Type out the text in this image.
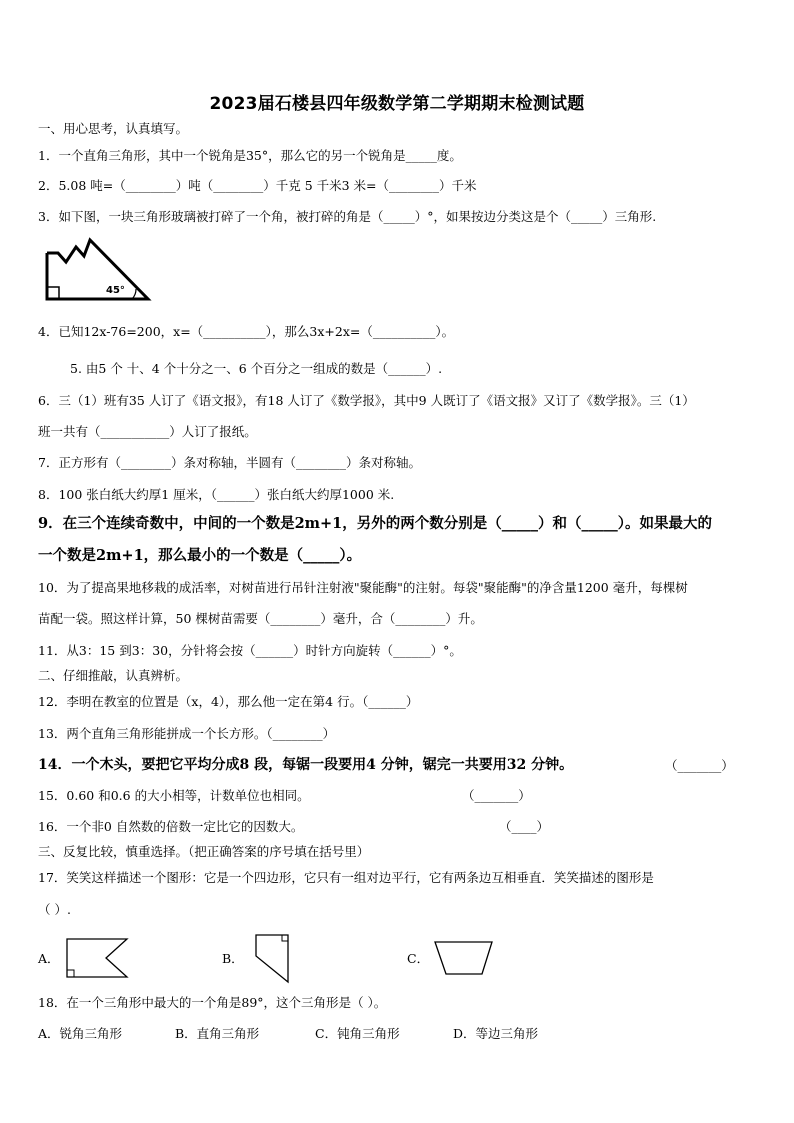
2023届石楼县四年级数学第二学期期末检测试题
一、用心思考，认真填写。
1．一个直角三角形，其中一个锐角是35°，那么它的另一个锐角是_____度。
2．5.08 吨=（________）吨（________）千克 5 千米3 米=（________）千米
3．如下图，一块三角形玻璃被打碎了一个角，被打碎的角是（_____）°，如果按边分类这是个（_____）三角形.
45°
4．已知12x-76=200，x=（__________），那么3x+2x=（__________）。
5. 由5 个 十、4 个十分之一、6 个百分之一组成的数是（______）.
6．三（1）班有35 人订了《语文报》，有18 人订了《数学报》，其中9 人既订了《语文报》又订了《数学报》。三（1）
班一共有（___________）人订了报纸。
7．正方形有（________）条对称轴，半圆有（________）条对称轴。
8．100 张白纸大约厚1 厘米，（______）张白纸大约厚1000 米.
9．在三个连续奇数中，中间的一个数是2m+1，另外的两个数分别是（_____）和（_____）。如果最大的
一个数是2m+1，那么最小的一个数是（_____）。
10．为了提高果地移栽的成活率，对树苗进行吊针注射液"聚能酶"的注射。每袋"聚能酶"的净含量1200 毫升，每棵树
苗配一袋。照这样计算，50 棵树苗需要（________）毫升，合（________）升。
11．从3：15 到3：30，分针将会按（______）时针方向旋转（______）°。
二、仔细推敲，认真辨析。
12．李明在教室的位置是（x，4），那么他一定在第4 行。（______）
13．两个直角三角形能拼成一个长方形。（________）
14．一个木头，要把它平均分成8 段，每锯一段要用4 分钟，锯完一共要用32 分钟。	（_______）
15．0.60 和0.6 的大小相等，计数单位也相同。	（_______）
16．一个非0 自然数的倍数一定比它的因数大。	（____）
三、反复比较，慎重选择。（把正确答案的序号填在括号里）
17．笑笑这样描述一个图形：它是一个四边形，它只有一组对边平行，它有两条边互相垂直．笑笑描述的图形是
（ ）.
A．	B．	C．
18．在一个三角形中最大的一个角是89°，这个三角形是（ ）。
A．锐角三角形	B．直角三角形	C．钝角三角形	D．等边三角形
